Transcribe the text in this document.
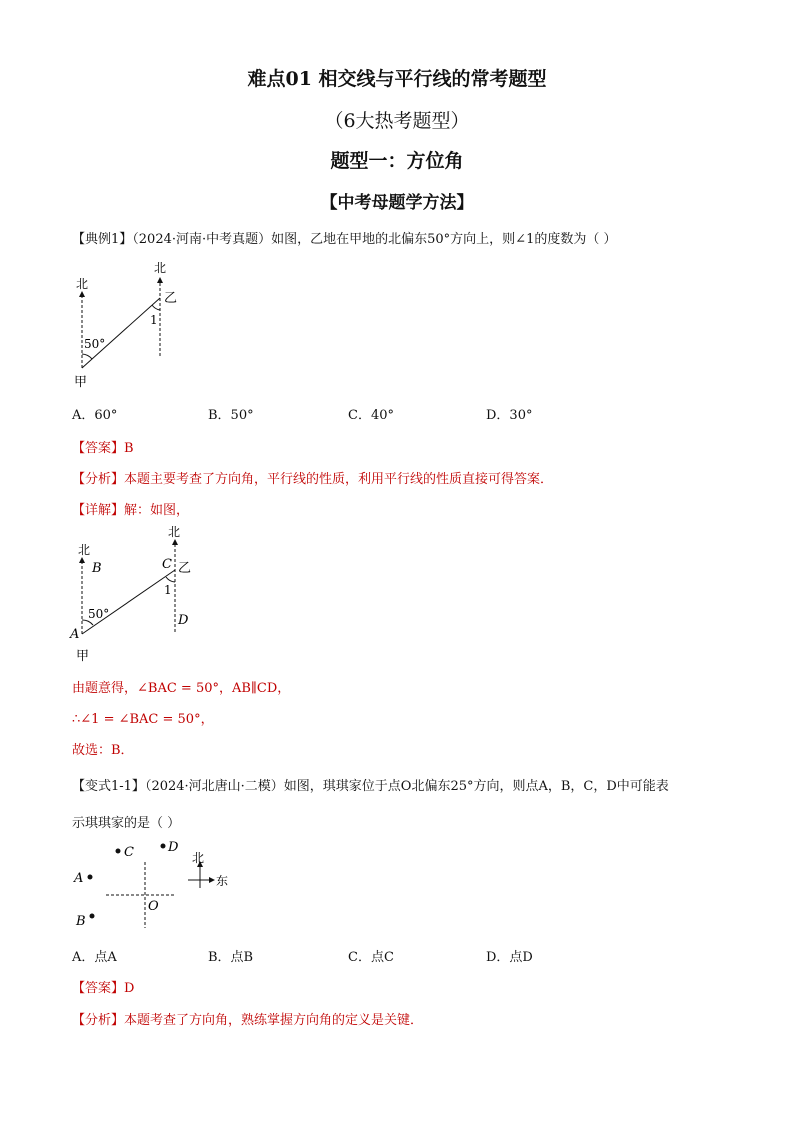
难点01 相交线与平行线的常考题型
（6大热考题型）
题型一：方位角
【中考母题学方法】
【典例1】（2024·河南·中考真题）如图，乙地在甲地的北偏东50°方向上，则∠1的度数为（ ）
北
北
50°
1
乙
甲
A．60°	B．50°	C．40°	D．30°
【答案】B
【分析】本题主要考查了方向角，平行线的性质，利用平行线的性质直接可得答案．
【详解】解：如图，
北
北
B	C 乙
1
D
50°
A
甲
由题意得，∠BAC = 50°，AB∥CD，
∴∠1 = ∠BAC = 50°，
故选：B．
【变式1-1】（2024·河北唐山·二模）如图，琪琪家位于点O北偏东25°方向，则点A，B，C，D中可能表
示琪琪家的是（ ）
C	D
A
B
O
北
东
A．点A	B．点B	C．点C	D．点D
【答案】D
【分析】本题考查了方向角，熟练掌握方向角的定义是关键．
